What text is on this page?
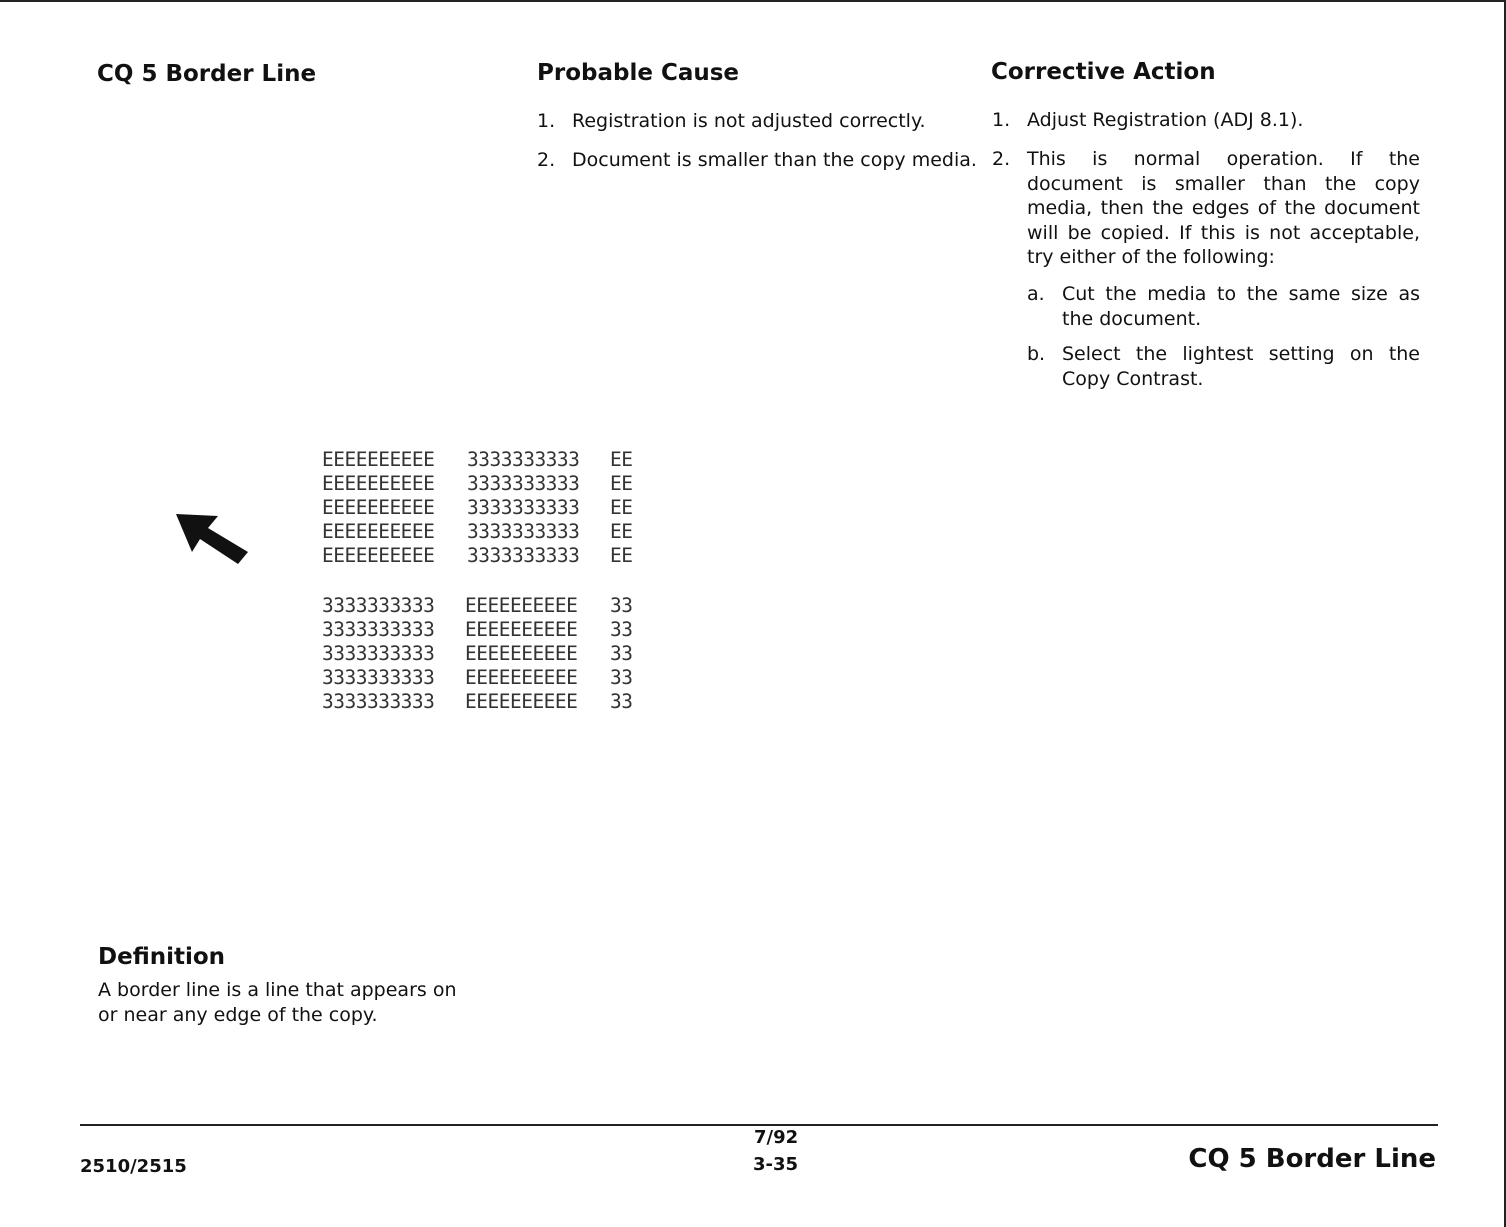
CQ 5 Border Line	Probable Cause
1. Registration is not adjusted correctly.
2. Document is smaller than the copy media.
Corrective Action
1. Adjust Registration (ADJ 8.1).
2. This is normal operation. If the document is smaller than the copy media, then the edges of the document will be copied. If this is not acceptable, try either of the following:
a. Cut the media to the same size as the document.
b. Select the lightest setting on the Copy Contrast.
EEEEEEEEEE 3333333333 EE
EEEEEEEEEE 3333333333 EE
EEEEEEEEEE 3333333333 EE
EEEEEEEEEE 3333333333 EE
EEEEEEEEEE 3333333333 EE
3333333333 EEEEEEEEEE 33
3333333333 EEEEEEEEEE 33
3333333333 EEEEEEEEEE 33
3333333333 EEEEEEEEEE 33
3333333333 EEEEEEEEEE 33
Definition
A border line is a line that appears on or near any edge of the copy.
2510/2515
7/92
3-35	CQ 5 Border Line
